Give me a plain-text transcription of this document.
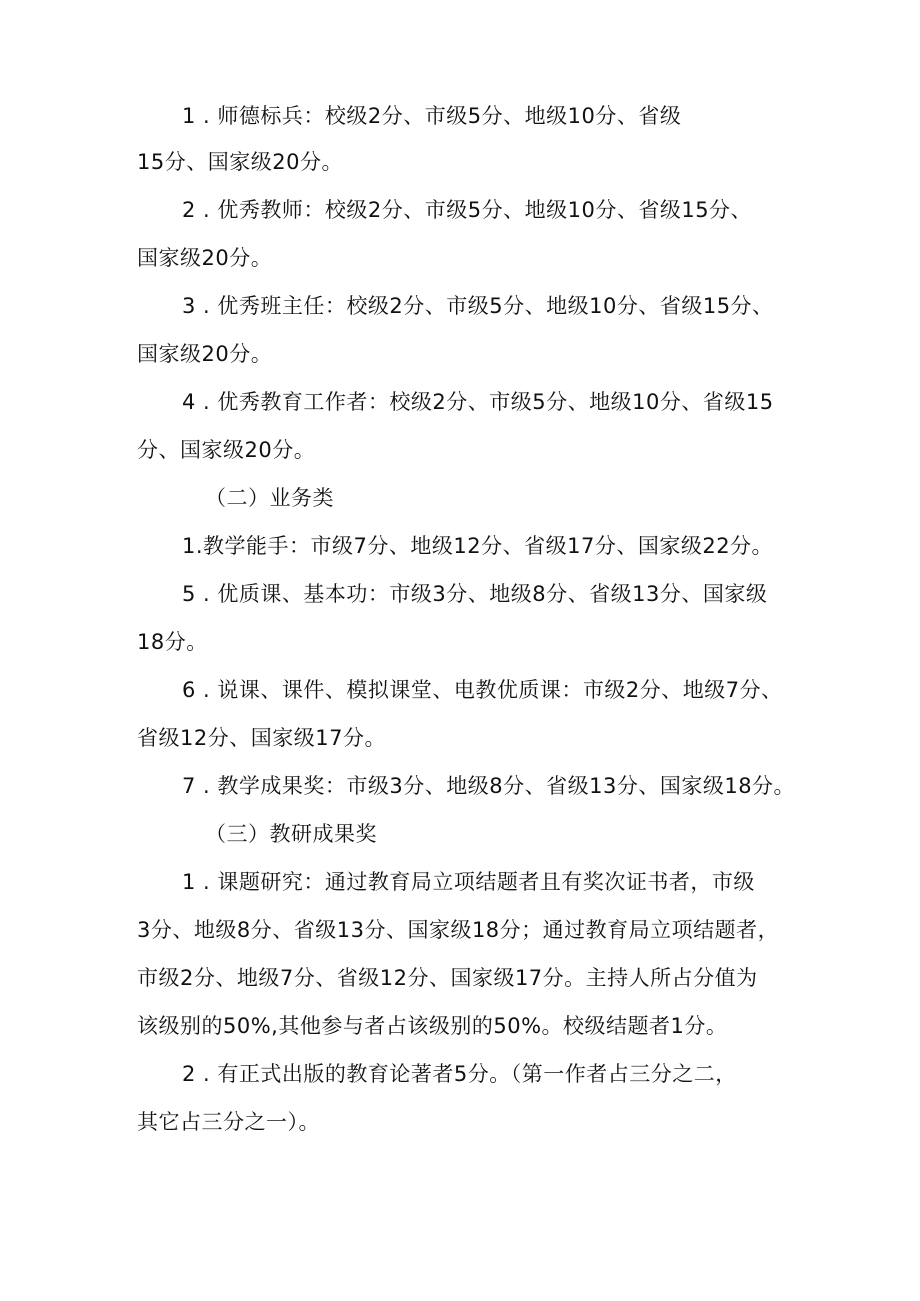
1 . 师德标兵：校级2分、市级5分、地级10分、省级
15分、国家级20分。
2 . 优秀教师：校级2分、市级5分、地级10分、省级15分、
国家级20分。
3 . 优秀班主任：校级2分、市级5分、地级10分、省级15分、
国家级20分。
4 . 优秀教育工作者：校级2分、市级5分、地级10分、省级15
分、国家级20分。
（二）业务类
1.教学能手：市级7分、地级12分、省级17分、国家级22分。
5 . 优质课、基本功：市级3分、地级8分、省级13分、国家级
18分。
6 . 说课、课件、模拟课堂、电教优质课：市级2分、地级7分、
省级12分、国家级17分。
7 . 教学成果奖：市级3分、地级8分、省级13分、国家级18分。
（三）教研成果奖
1 . 课题研究：通过教育局立项结题者且有奖次证书者，市级
3分、地级8分、省级13分、国家级18分；通过教育局立项结题者，
市级2分、地级7分、省级12分、国家级17分。主持人所占分值为
该级别的50%,其他参与者占该级别的50%。校级结题者1分。
2 . 有正式出版的教育论著者5分。（第一作者占三分之二，
其它占三分之一）。
